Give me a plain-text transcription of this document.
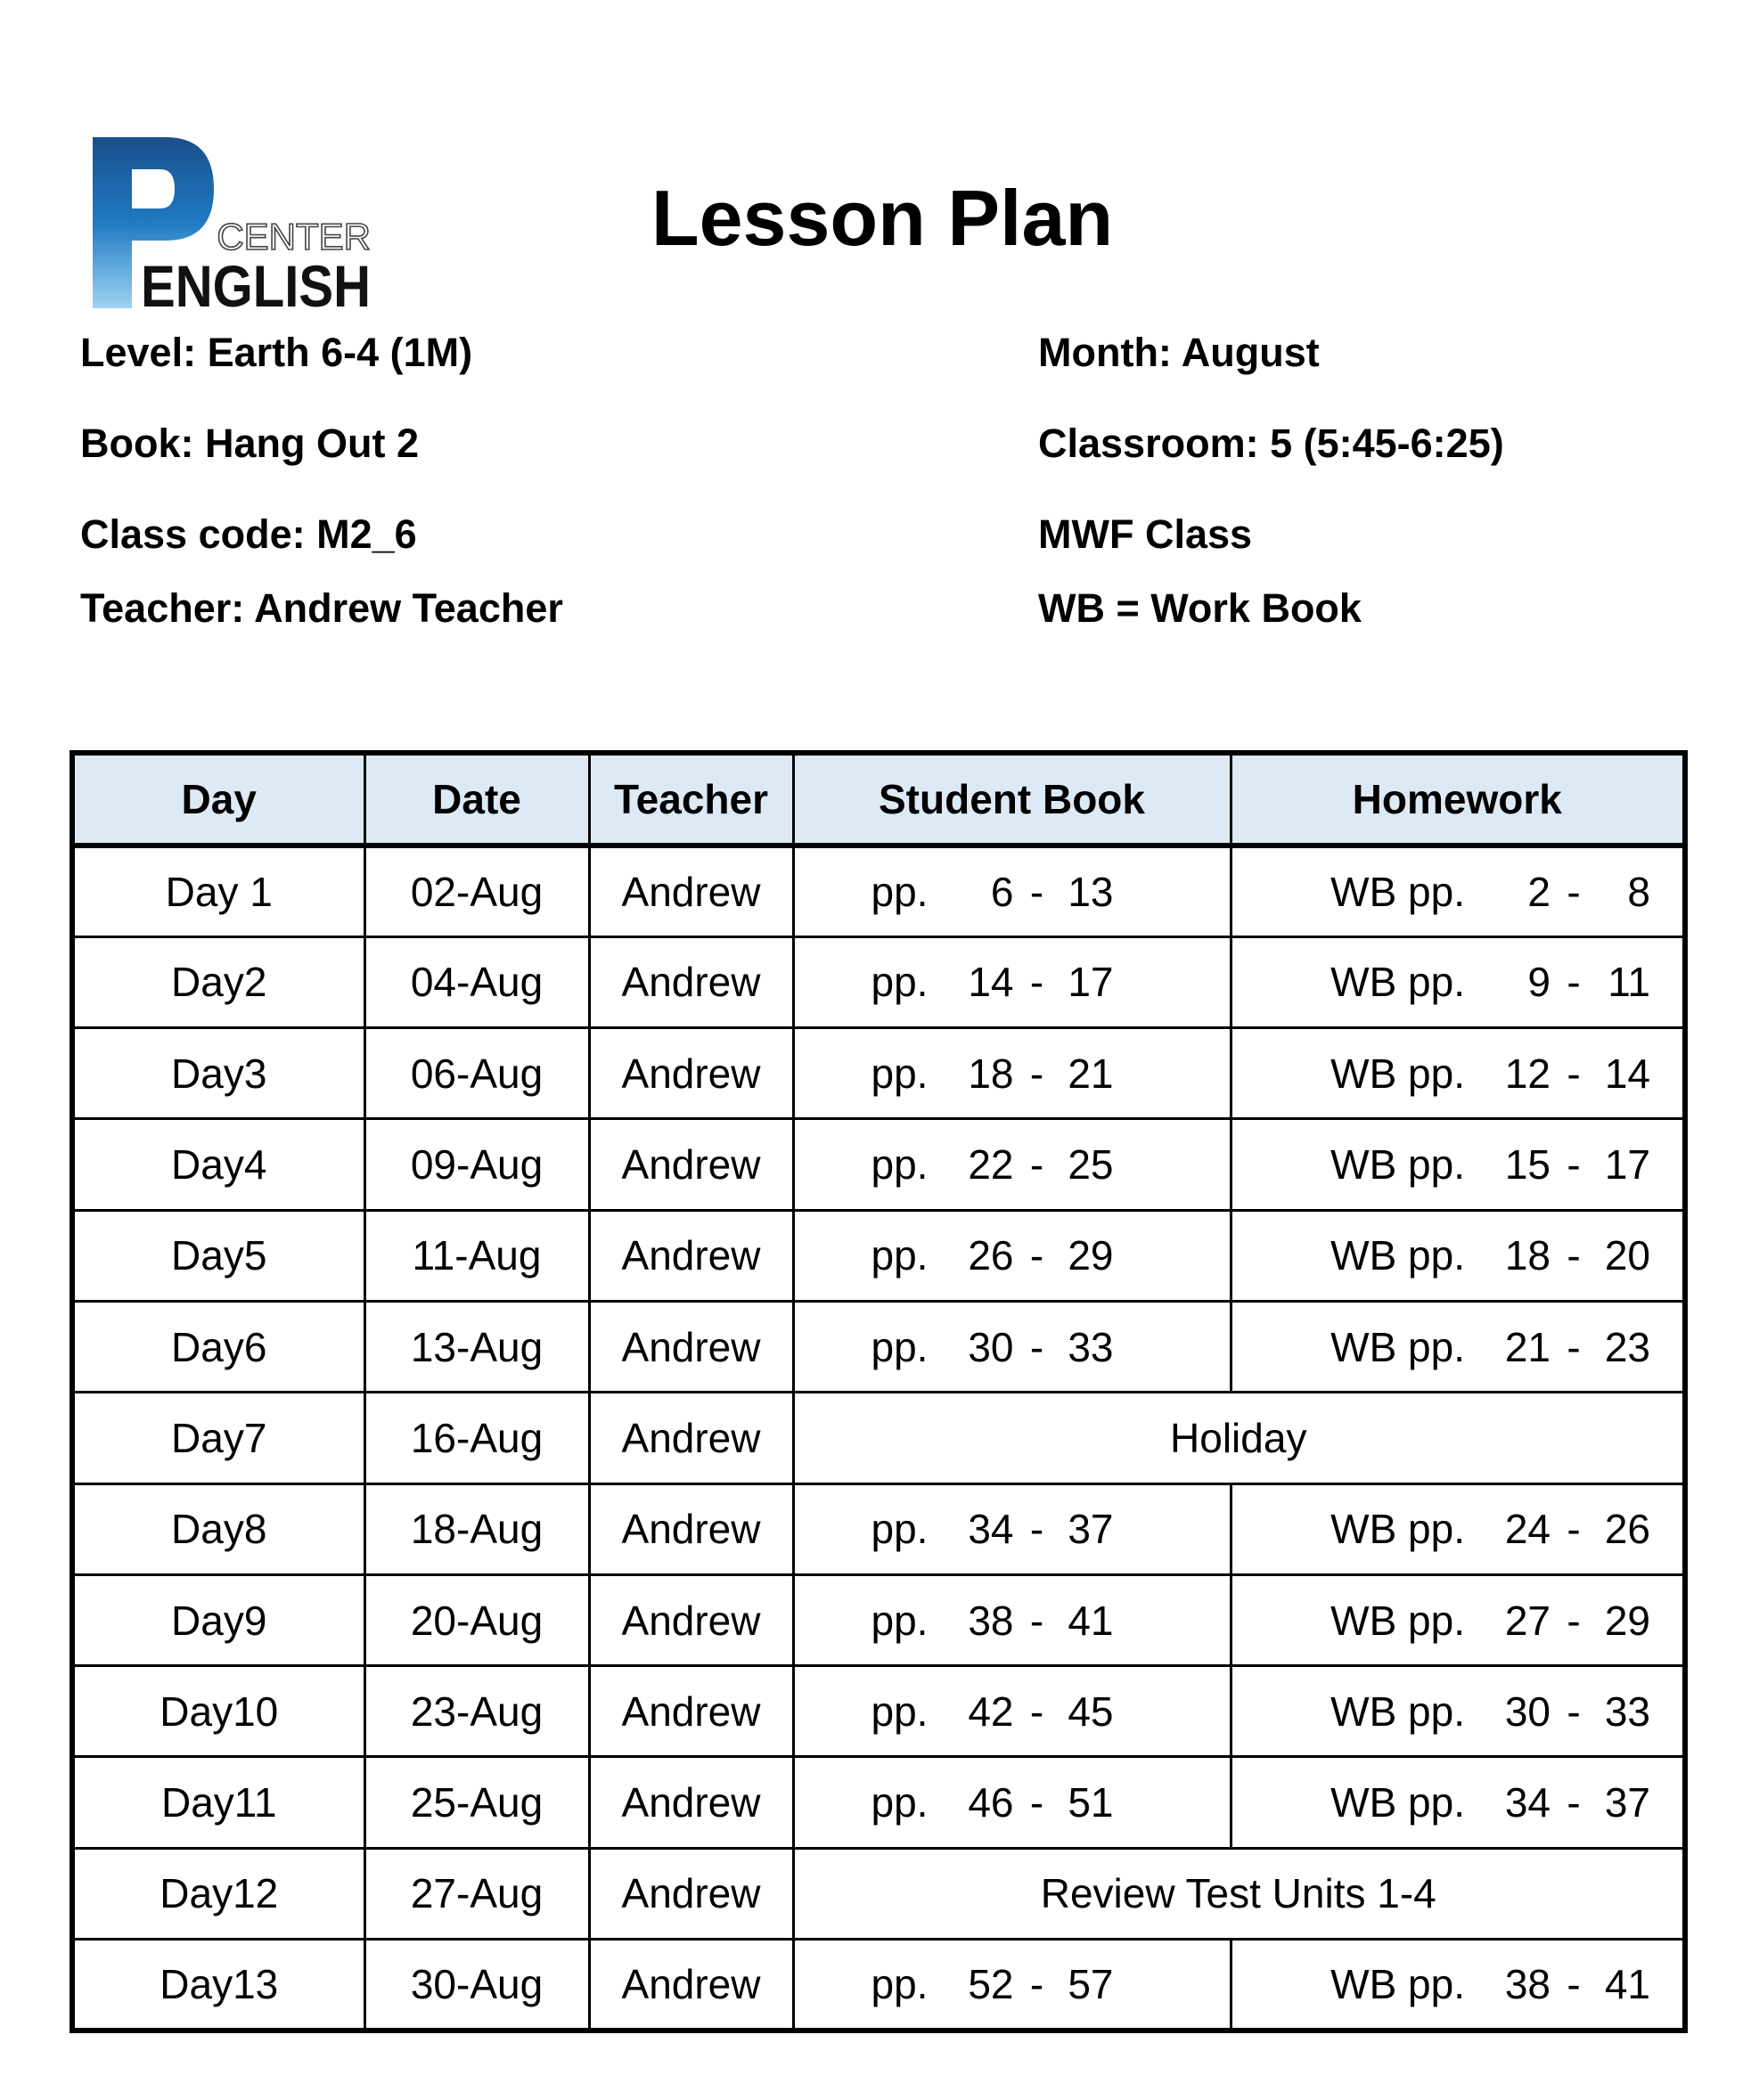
CENTER
ENGLISH
Lesson Plan
Level: Earth 6-4 (1M)
Book: Hang Out 2
Class code: M2_6
Teacher: Andrew Teacher
Month: August
Classroom: 5 (5:45-6:25)
MWF Class
WB = Work Book
Day	Date	Teacher	Student Book	Homework
Day 1	02-Aug	Andrew	pp. 6 - 13	WB pp. 2 - 8

Day2	04-Aug	Andrew	pp. 14 - 17	WB pp. 9 - 11

Day3	06-Aug	Andrew	pp. 18 - 21	WB pp. 12 - 14

Day4	09-Aug	Andrew	pp. 22 - 25	WB pp. 15 - 17

Day5	11-Aug	Andrew	pp. 26 - 29	WB pp. 18 - 20

Day6	13-Aug	Andrew	pp. 30 - 33	WB pp. 21 - 23

Day7	16-Aug	Andrew	Holiday	
Day8	18-Aug	Andrew	pp. 34 - 37	WB pp. 24 - 26

Day9	20-Aug	Andrew	pp. 38 - 41	WB pp. 27 - 29

Day10	23-Aug	Andrew	pp. 42 - 45	WB pp. 30 - 33

Day11	25-Aug	Andrew	pp. 46 - 51	WB pp. 34 - 37

Day12	27-Aug	Andrew	Review Test Units 1-4	
Day13	30-Aug	Andrew	pp. 52 - 57	WB pp. 38 - 41
